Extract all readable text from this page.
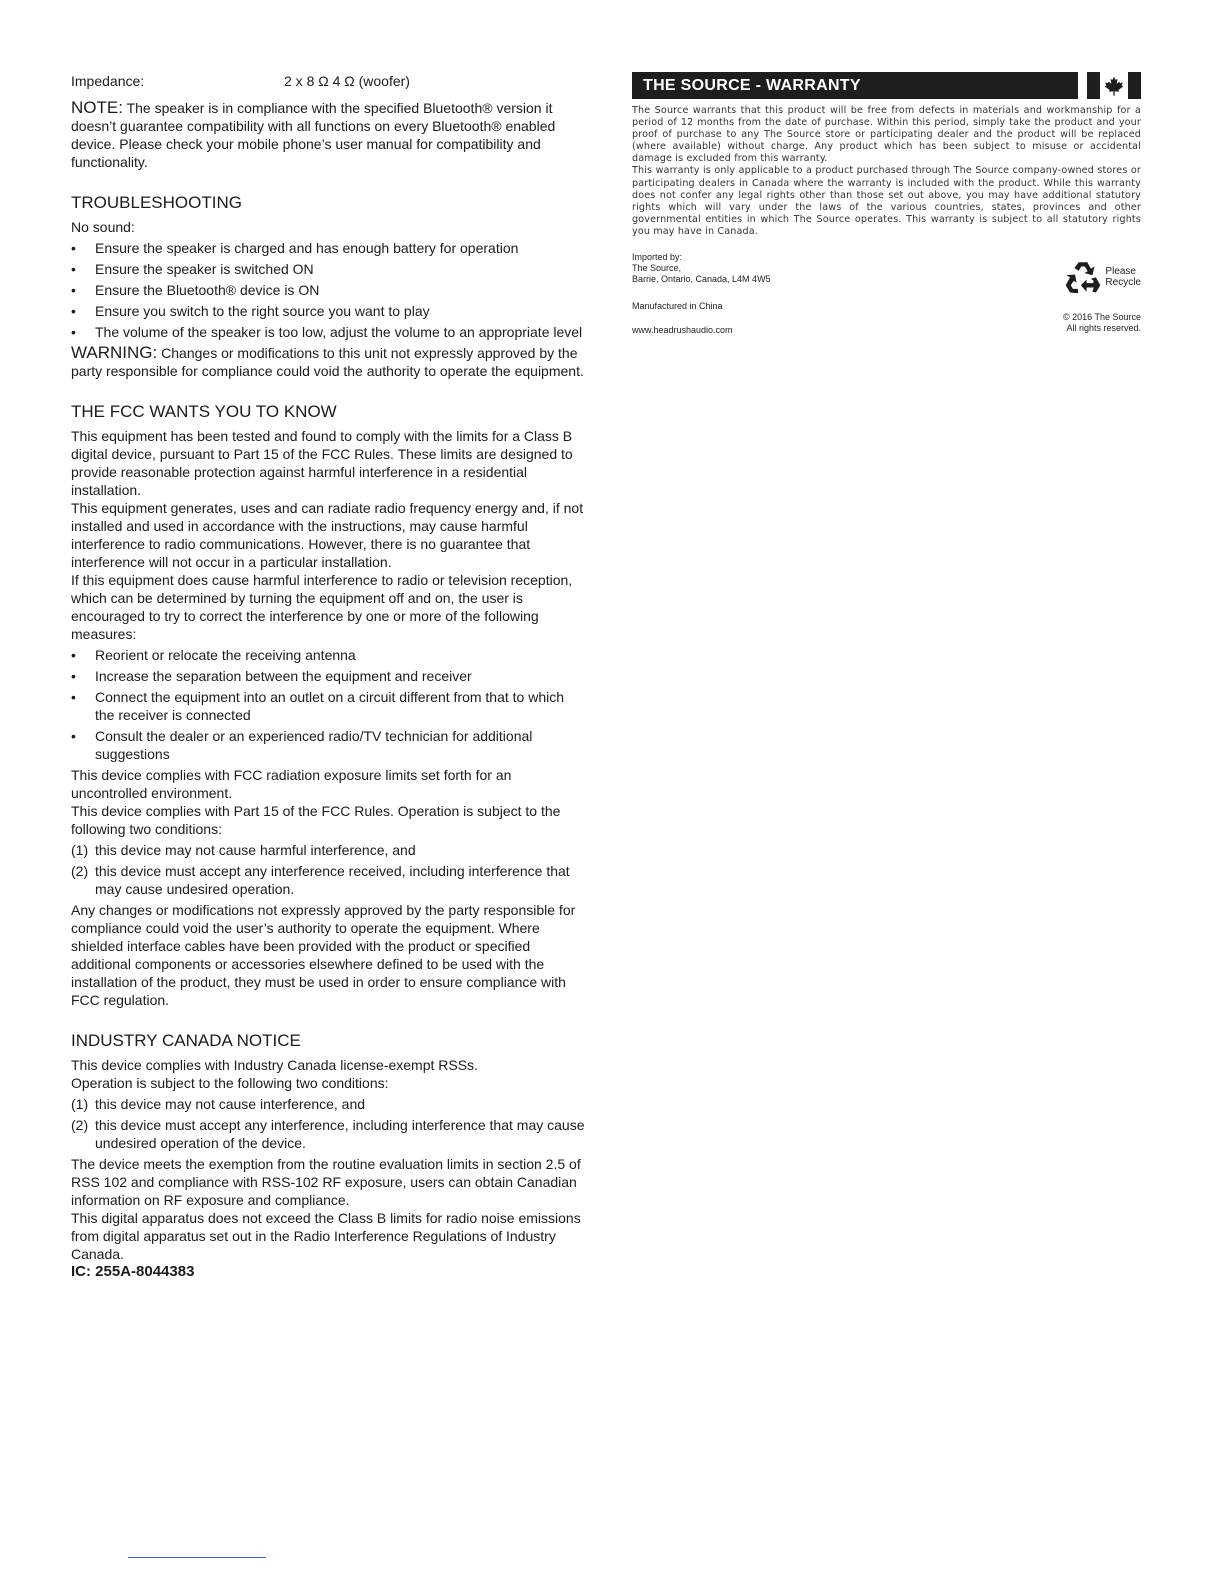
Impedance:	2 x 8 Ω 4 Ω (woofer)

NOTE: The speaker is in compliance with the specified Bluetooth® version it doesn’t guarantee compatibility with all functions on every Bluetooth® enabled device. Please check your mobile phone’s user manual for compatibility and functionality.

TROUBLESHOOTING

No sound:

• Ensure the speaker is charged and has enough battery for operation
• Ensure the speaker is switched ON
• Ensure the Bluetooth® device is ON
• Ensure you switch to the right source you want to play
• The volume of the speaker is too low, adjust the volume to an appropriate level

WARNING: Changes or modifications to this unit not expressly approved by the party responsible for compliance could void the authority to operate the equipment.

THE FCC WANTS YOU TO KNOW

This equipment has been tested and found to comply with the limits for a Class B digital device, pursuant to Part 15 of the FCC Rules. These limits are designed to provide reasonable protection against harmful interference in a residential installation.

This equipment generates, uses and can radiate radio frequency energy and, if not installed and used in accordance with the instructions, may cause harmful interference to radio communications. However, there is no guarantee that interference will not occur in a particular installation.

If this equipment does cause harmful interference to radio or television reception, which can be determined by turning the equipment off and on, the user is encouraged to try to correct the interference by one or more of the following measures:

• Reorient or relocate the receiving antenna
• Increase the separation between the equipment and receiver
• Connect the equipment into an outlet on a circuit different from that to which the receiver is connected
• Consult the dealer or an experienced radio/TV technician for additional suggestions

This device complies with FCC radiation exposure limits set forth for an uncontrolled environment.

This device complies with Part 15 of the FCC Rules. Operation is subject to the following two conditions:

(1) this device may not cause harmful interference, and
(2) this device must accept any interference received, including interference that may cause undesired operation.

Any changes or modifications not expressly approved by the party responsible for compliance could void the user’s authority to operate the equipment. Where shielded interface cables have been provided with the product or specified additional components or accessories elsewhere defined to be used with the installation of the product, they must be used in order to ensure compliance with FCC regulation.

INDUSTRY CANADA NOTICE

This device complies with Industry Canada license-exempt RSSs.

Operation is subject to the following two conditions:

(1) this device may not cause interference, and
(2) this device must accept any interference, including interference that may cause undesired operation of the device.

The device meets the exemption from the routine evaluation limits in section 2.5 of RSS 102 and compliance with RSS-102 RF exposure, users can obtain Canadian information on RF exposure and compliance.

This digital apparatus does not exceed the Class B limits for radio noise emissions from digital apparatus set out in the Radio Interference Regulations of Industry Canada.

IC: 255A-8044383

THE SOURCE - WARRANTY

The Source warrants that this product will be free from defects in materials and workmanship for a period of 12 months from the date of purchase. Within this period, simply take the product and your proof of purchase to any The Source store or participating dealer and the product will be replaced (where available) without charge. Any product which has been subject to misuse or accidental damage is excluded from this warranty.

This warranty is only applicable to a product purchased through The Source company-owned stores or participating dealers in Canada where the warranty is included with the product. While this warranty does not confer any legal rights other than those set out above, you may have additional statutory rights which will vary under the laws of the various countries, states, provinces and other governmental entities in which The Source operates. This warranty is subject to all statutory rights you may have in Canada.

Imported by:

The Source,

Barrie, Ontario, Canada, L4M 4W5

Manufactured in China

www.headrushaudio.com

Please
Recycle
© 2016 The Source
All rights reserved.
